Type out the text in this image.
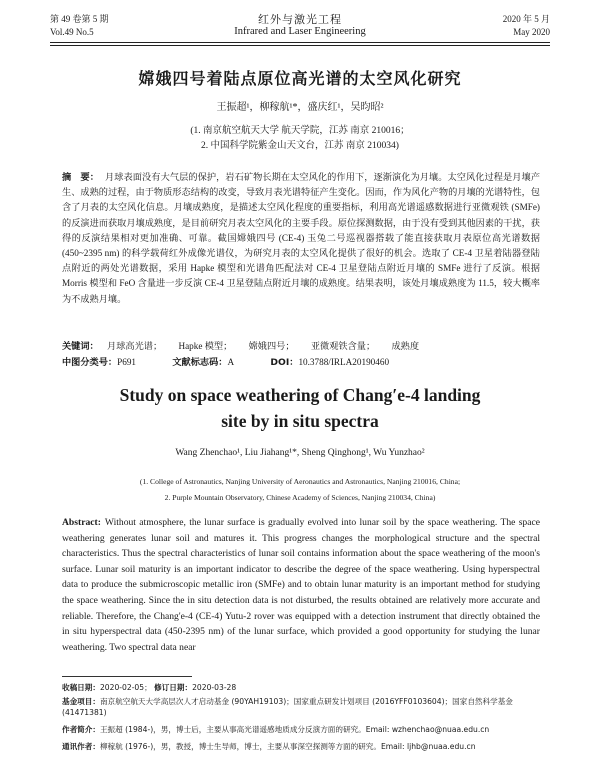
第 49 卷第 5 期
Vol.49 No.5
红外与激光工程
Infrared and Laser Engineering
2020 年 5 月
May 2020
嫦娥四号着陆点原位高光谱的太空风化研究
王振超¹，柳稼航¹*，盛庆红¹，吴昀昭²
(1. 南京航空航天大学 航天学院，江苏 南京 210016；
2. 中国科学院紫金山天文台，江苏 南京 210034)
摘　要： 月球表面没有大气层的保护，岩石矿物长期在太空风化的作用下，逐渐演化为月壤。太空风化过程是月壤产生、成熟的过程，由于物质形态结构的改变，导致月表光谱特征产生变化。因而，作为风化产物的月壤的光谱特性，包含了月表的太空风化信息。月壤成熟度，是描述太空风化程度的重要指标，利用高光谱遥感数据进行亚微观铁 (SMFe) 的反演进而获取月壤成熟度，是目前研究月表太空风化的主要手段。原位探测数据，由于没有受到其他因素的干扰，获得的反演结果相对更加准确、可靠。截国嫦娥四号 (CE-4) 玉兔二号巡视器搭载了能直接获取月表原位高光谱数据 (450~2395 nm) 的科学载荷红外成像光谱仪，为研究月表的太空风化提供了很好的机会。选取了 CE-4 卫星着陆器登陆点附近的两处光谱数据，采用 Hapke 模型和光谱角匹配法对 CE-4 卫星登陆点附近月壤的 SMFe 进行了反演。根据 Morris 模型和 FeO 含量进一步反演 CE-4 卫星登陆点附近月壤的成熟度。结果表明，该处月壤成熟度为 11.5，较大概率为不成熟月壤。
关键词： 月球高光谱； Hapke 模型； 嫦娥四号； 亚微观铁含量； 成熟度
中图分类号：P691	文献标志码：A	DOI：10.3788/IRLA20190460
Study on space weathering of Chang′e-4 landing
site by in situ spectra
Wang Zhenchao¹, Liu Jiahang¹*, Sheng Qinghong¹, Wu Yunzhao²
(1. College of Astronautics, Nanjing University of Aeronautics and Astronautics, Nanjing 210016, China;
2. Purple Mountain Observatory, Chinese Academy of Sciences, Nanjing 210034, China)
Abstract: Without atmosphere, the lunar surface is gradually evolved into lunar soil by the space weathering. The space weathering generates lunar soil and matures it. This progress changes the morphological structure and the spectral characteristics. Thus the spectral characteristics of lunar soil contains information about the space weathering of the moon's surface. Lunar soil maturity is an important indicator to describe the degree of the space weathering. Using hyperspectral data to produce the submicroscopic metallic iron (SMFe) and to obtain lunar maturity is an important method for studying the space weathering. Since the in situ detection data is not disturbed, the results obtained are relatively more accurate and reliable. Therefore, the Chang'e-4 (CE-4) Yutu-2 rover was equipped with a detection instrument that directly obtained the in situ hyperspectral data (450-2395 nm) of the lunar surface, which provided a good opportunity for studying the lunar weathering. Two spectral data near
收稿日期：2020-02-05； 修订日期：2020-03-28
基金项目：南京航空航天大学高层次人才启动基金 (90YAH19103)；国家重点研发计划项目 (2016YFF0103604)；国家自然科学基金 (41471381)
作者简介：王振超 (1984-)，男，博士后，主要从事高光谱遥感地质成分反演方面的研究。Email: wzhenchao@nuaa.edu.cn
通讯作者：柳稼航 (1976-)，男，教授，博士生导师，博士，主要从事深空探测等方面的研究。Email: ljhb@nuaa.edu.cn
